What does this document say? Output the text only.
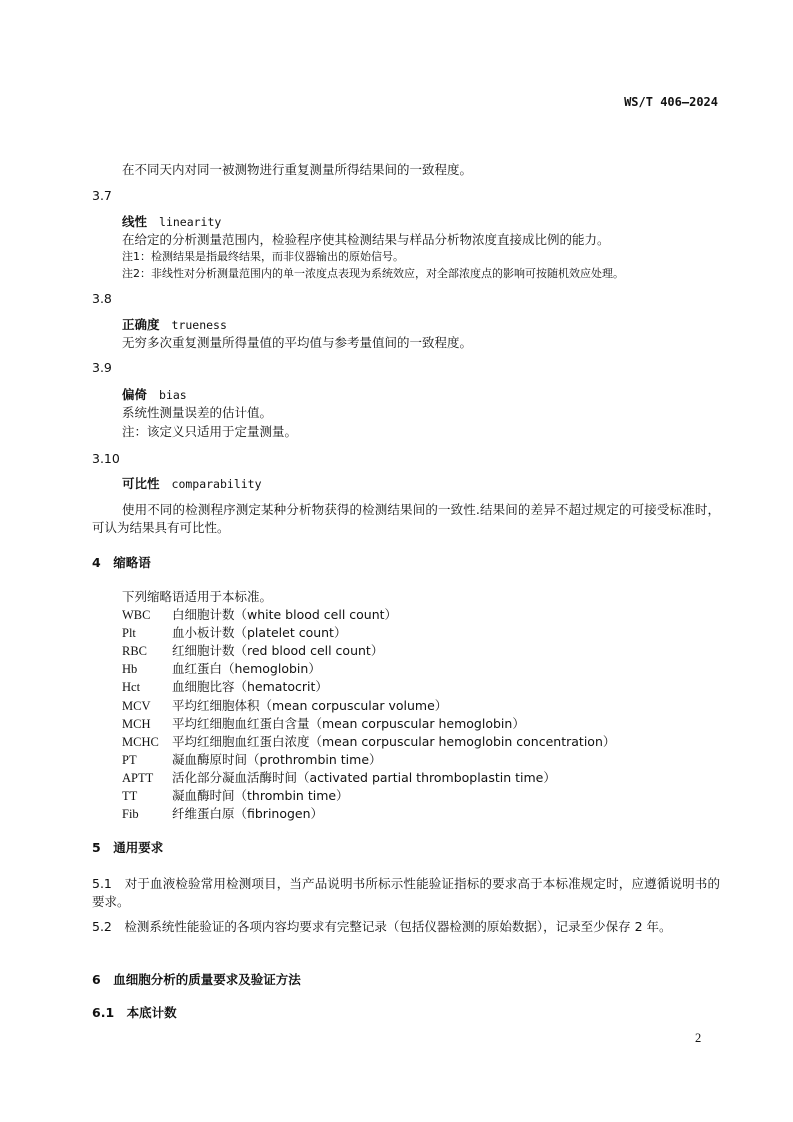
WS/T 406—2024
在不同天内对同一被测物进行重复测量所得结果间的一致程度。
3.7
线性 linearity
在给定的分析测量范围内，检验程序使其检测结果与样品分析物浓度直接成比例的能力。
注1：检测结果是指最终结果，而非仪器输出的原始信号。
注2：非线性对分析测量范围内的单一浓度点表现为系统效应，对全部浓度点的影响可按随机效应处理。
3.8
正确度 trueness
无穷多次重复测量所得量值的平均值与参考量值间的一致程度。
3.9
偏倚 bias
系统性测量误差的估计值。
注：该定义只适用于定量测量。
3.10
可比性 comparability
使用不同的检测程序测定某种分析物获得的检测结果间的一致性.结果间的差异不超过规定的可接受标准时，可认为结果具有可比性。
4　缩略语
下列缩略语适用于本标准。
WBC 白细胞计数（white blood cell count）
Plt	血小板计数（platelet count）
RBC 红细胞计数（red blood cell count）
Hb	血红蛋白（hemoglobin）
Hct	血细胞比容（hematocrit）
MCV 平均红细胞体积（mean corpuscular volume）
MCH 平均红细胞血红蛋白含量（mean corpuscular hemoglobin）
MCHC 平均红细胞血红蛋白浓度（mean corpuscular hemoglobin concentration）
PT	凝血酶原时间（prothrombin time）
APTT 活化部分凝血活酶时间（activated partial thromboplastin time）
TT	凝血酶时间（thrombin time）
Fib	纤维蛋白原（fibrinogen）
5　通用要求
5.1　对于血液检验常用检测项目，当产品说明书所标示性能验证指标的要求高于本标准规定时，应遵循说明书的要求。
5.2　检测系统性能验证的各项内容均要求有完整记录（包括仪器检测的原始数据），记录至少保存 2 年。
6　血细胞分析的质量要求及验证方法
6.1　本底计数
2
